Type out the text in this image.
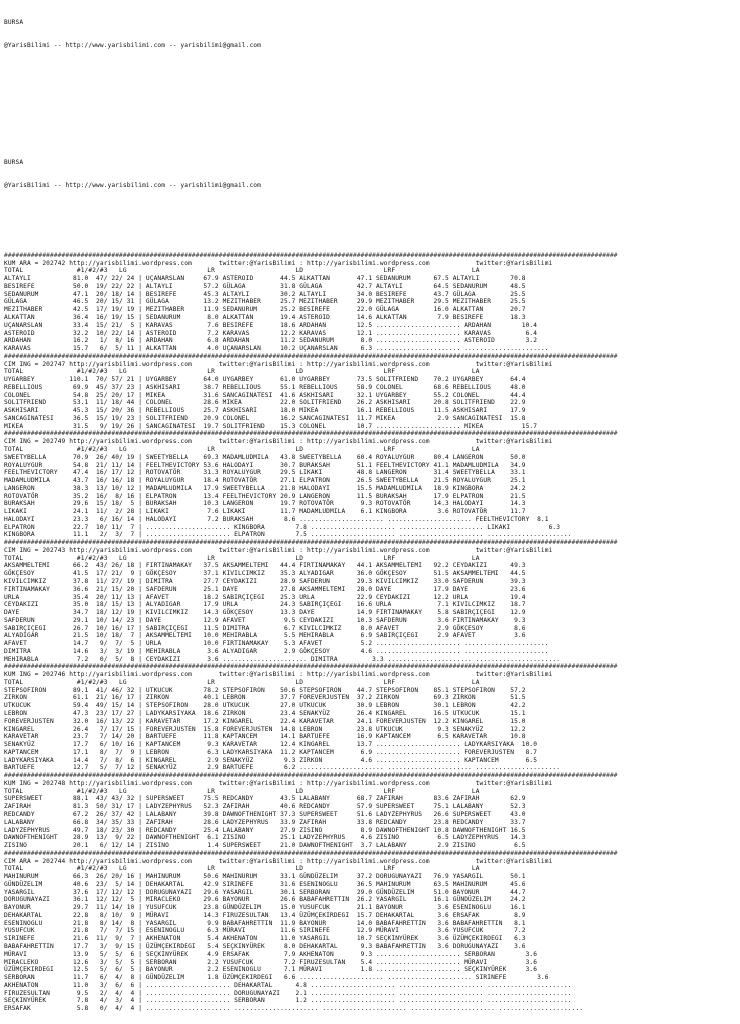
BURSA

@YarisBilimi -- http://www.yarisbilimi.com -- yarisbilimi@gmail.com

BURSA

@YarisBilimi -- http://www.yarisbilimi.com -- yarisbilimi@gmail.com

################################################################################################################################################################
KUM ARA = 202742 http://yarisbilimi.wordpress.com       twitter:@YarisBilimi : http://yarisbilimi.wordpress.com            twitter:@YarisBilimi
TOTAL              #1/#2/#3   LG                     LR                     LD                     LRF                    LA
ALTAYLI           81.0  47/ 22/ 24 | UÇANARSLAN     67.9 ASTEROID       44.5 ALKATTAN       47.1 SEDANURUM      67.5 ALTAYLI        70.8
BESIREFE          50.0  19/ 22/ 22 | ALTAYLI        57.2 GÜLAGA         31.8 GÜLAGA         42.7 ALTAYLI        64.5 SEDANURUM      48.5
SEDANURUM         47.1  20/ 18/ 14 | BESIREFE       45.3 ALTAYLI        30.2 ALTAYLI        34.0 BESIREFE       43.7 GÜLAGA         25.5
GÜLAGA            46.5  20/ 15/ 31 | GÜLAGA         13.2 MEZITHABER     25.7 MEZITHABER     29.9 MEZITHABER     29.5 MEZITHABER     25.5
MEZITHABER        42.5  17/ 19/ 19 | MEZITHABER     11.9 SEDANURUM      25.2 BESIREFE       22.0 GÜLAGA         16.0 ALKATTAN       20.7
ALKATTAN          36.4  16/ 19/ 15 | SEDANURUM       8.0 ALKATTAN       19.4 ASTEROID       14.6 ALKATTAN        7.9 BESIREFE       18.3
UÇANARSLAN        33.4  15/ 21/  5 | KARAVAS         7.6 BESIREFE       18.6 ARDAHAN        12.5 ...................... ARDAHAN        10.4
ASTEROID          32.2  10/ 22/ 14 | ASTEROID        7.2 KARAVAS        12.2 KARAVAS        12.1 ...................... KARAVAS         6.4
ARDAHAN           16.2   1/  8/ 16 | ARDAHAN         6.8 ARDAHAN        11.2 SEDANURUM       8.0 ...................... ASTEROID        3.2
KARAVAS           15.7   6/  5/ 11 | ALKATTAN        4.0 UÇANARSLAN     10.2 UÇANARSLAN      6.3 ...................... ......................
################################################################################################################################################################
CIM ING = 202747 http://yarisbilimi.wordpress.com       twitter:@YarisBilimi : http://yarisbilimi.wordpress.com            twitter:@YarisBilimi
TOTAL              #1/#2/#3   LG                     LR                     LD                     LRF                    LA
UYGARBEY         110.1  70/ 57/ 21 | UYGARBEY       64.0 UYGARBEY       61.0 UYGARBEY       73.5 SOLITFRIEND    70.2 UYGARBEY       64.4
REBELLIOUS        69.9  45/ 37/ 23 | ASKHISARI      38.7 REBELLIOUS     55.1 REBELLIOUS     58.9 COLONEL        68.6 REBELLIOUS     48.0
COLONEL           54.8  25/ 20/ 17 | MIKEA          31.6 SANCAGINATESI  41.6 ASKHISARI      32.1 UYGARBEY       55.2 COLONEL        44.4
SOLITFRIEND       53.1  11/ 18/ 44 | COLONEL        28.6 MIKEA          22.0 SOLITFRIEND    26.2 ASKHISARI      20.8 SOLITFRIEND    22.9
ASKHISARI         45.3  15/ 20/ 36 | REBELLIOUS     25.7 ASKHISARI      18.0 MIKEA          16.1 REBELLIOUS     11.5 ASKHISARI      17.9
SANCAGINATESI     36.5  15/ 19/ 23 | SOLITFRIEND    20.9 COLONEL        16.2 SANCAGINATESI  11.7 MIKEA           2.9 SANCAGINATESI  15.8
MIKEA             31.5   9/ 19/ 26 | SANCAGINATESI  19.7 SOLITFRIEND    15.3 COLONEL        10.7 ...................... MIKEA          15.7
################################################################################################################################################################
CIM ING = 202749 http://yarisbilimi.wordpress.com       twitter:@YarisBilimi : http://yarisbilimi.wordpress.com            twitter:@YarisBilimi
TOTAL              #1/#2/#3   LG                     LR                     LD                     LRF                    LA
SWEETYBELLA       70.9  26/ 40/ 19 | SWEETYBELLA    69.3 MADAMLUDMILA   43.8 SWEETYBELLA    60.4 ROYALUYGUR     80.4 LANGERON       50.0
ROYALUYGUR        54.8  21/ 11/ 14 | FEELTHEVICTORY 53.6 HALODAYI       30.7 BURAKSAH       51.1 FEELTHEVICTORY 41.1 MADAMLUDMILA   34.9
FEELTHEVICTORY    47.4  16/ 17/ 12 | ROTOVATÖR      31.3 ROYALUYGUR     29.5 LIKAKI         48.8 LANGERON       31.4 SWEETYBELLA    33.1
MADAMLUDMILA      43.7  16/ 16/ 18 | ROYALUYGUR     18.4 ROTOVATÖR      27.1 ELPATRON       26.5 SWEETYBELLA    21.5 ROYALUYGUR     25.1
LANGERON          38.3  13/ 10/ 12 | MADAMLUDMILA   17.9 SWEETYBELLA    21.8 HALODAYI       15.5 MADAMLUDMILA   18.9 KINGBORA       24.2
ROTOVATÖR         35.2  16/  8/ 16 | ELPATRON       13.4 FEELTHEVICTORY 20.9 LANGERON       11.5 BURAKSAH       17.9 ELPATRON       21.5
BURAKSAH          29.6  15/ 18/  5 | BURAKSAH       10.3 LANGERON       19.7 ROTOVATÖR       9.3 ROTOVATÖR      14.3 HALODAYI       14.3
LIKAKI            24.1  11/  2/ 28 | LIKAKI          7.6 LIKAKI         11.7 MADAMLUDMILA    6.1 KINGBORA        3.6 ROTOVATÖR      11.7
HALODAYI          23.3   6/ 16/ 14 | HALODAYI        7.2 BURAKSAH        8.6 ...................... ...................... FEELTHEVICTORY  8.1
ELPATRON          22.7  10/ 11/  7 | ...................... KINGBORA        7.8 ...................... ...................... LIKAKI          6.3
KINGBORA          11.1   2/  3/  7 | ...................... ELPATRON        7.5 ...................... ...................... ......................
################################################################################################################################################################
CIM ING = 202743 http://yarisbilimi.wordpress.com       twitter:@YarisBilimi : http://yarisbilimi.wordpress.com            twitter:@YarisBilimi
TOTAL              #1/#2/#3   LG                     LR                     LD                     LRF                    LA
AKSAMMELTEMI      66.2  43/ 26/ 18 | FIRTINAMAKAY   37.5 AKSAMMELTEMI   44.4 FIRTINAMAKAY   44.1 AKSAMMELTEMI   92.2 CEYDAKIZI      49.3
GÖKÇESOY          41.5  17/ 21/  9 | GÖKÇESOY       37.1 KIVILCIMKIZ    35.3 ALYADIGAR      36.0 GÖKÇESOY       51.5 AKSAMMELTEMI   44.5
KIVILCIMKIZ       37.8  11/ 27/ 19 | DIMITRA        27.7 CEYDAKIZI      28.9 SAFDERUN       29.3 KIVILCIMKIZ    33.0 SAFDERUN       39.3
FIRTINAMAKAY      36.6  21/ 15/ 20 | SAFDERUN       25.1 DAYE           27.8 AKSAMMELTEMI   28.0 DAYE           17.9 DAYE           23.6
URLA              35.4  20/ 11/ 13 | AFAVET         18.2 SABIRÇIÇEGI    25.3 URLA           22.9 CEYDAKIZI      12.2 URLA           19.4
CEYDAKIZI         35.0  18/ 15/ 13 | ALYADIGAR      17.9 URLA           24.3 SABIRÇIÇEGI    16.6 URLA            7.1 KIVILCIMKIZ    18.7
DAYE              34.7  18/ 12/ 19 | KIVILCIMKIZ    14.3 GÖKÇESOY       13.3 DAYE           14.9 FIRTINAMAKAY    5.8 SABIRÇIÇEGI    12.9
SAFDERUN          29.1  10/ 14/ 23 | DAYE           12.9 AFAVET          9.5 CEYDAKIZI      10.3 SAFDERUN        3.6 FIRTINAMAKAY    9.3
SABIRÇIÇEGI       26.7  10/ 16/ 17 | SABIRÇIÇEGI    11.5 DIMITRA         6.7 KIVILCIMKIZ     8.0 AFAVET          2.9 GÖKÇESOY        8.6
ALYADIGAR         21.5  10/ 18/  7 | AKSAMMELTEMI   10.0 MEHIRABLA       5.5 MEHIRABLA       6.9 SABIRÇIÇEGI     2.9 AFAVET          3.6
AFAVET            14.7   9/  7/  5 | URLA           10.0 FIRTINAMAKAY    5.3 AFAVET          5.2 ...................... ......................
DIMITRA           14.6   3/  3/ 19 | MEHIRABLA       3.6 ALYADIGAR       2.9 GÖKÇESOY        4.6 ...................... ......................
MEHIRABLA          7.2   0/  5/  8 | CEYDAKIZI       3.6 ...................... DIMITRA         3.3 ...................... ......................
################################################################################################################################################################
KUM ING = 202746 http://yarisbilimi.wordpress.com       twitter:@YarisBilimi : http://yarisbilimi.wordpress.com            twitter:@YarisBilimi
TOTAL              #1/#2/#3   LG                     LR                     LD                     LRF                    LA
STEPSOFIRON       89.1  41/ 46/ 32 | UTKUCUK        78.2 STEPSOFIRON    50.6 STEPSOFIRON    44.7 STEPSOFIRON    85.1 STEPSOFIRON    57.2
ZIRKON            61.1  21/ 16/ 17 | ZIRKON         40.1 LEBRON         37.7 FOREVERJUSTEN  37.2 ZIRKON         69.3 ZIRKON         51.5
UTKUCUK           59.4  49/ 15/ 14 | STEPSOFIRON    28.0 UTKUCUK        27.0 UTKUCUK        30.9 LEBRON         30.1 LEBRON         42.2
LEBRON            47.3  23/ 17/ 27 | LADYKARSIYAKA  18.6 ZIRKON         23.4 SENAKYÜZ       26.4 KINGAREL       16.5 UTKUCUK        15.1
FOREVERJUSTEN     32.0  16/ 13/ 22 | KARAVETAR      17.2 KINGAREL       22.4 KARAVETAR      24.1 FOREVERJUSTEN  12.2 KINGAREL       15.0
KINGAREL          26.4   7/ 17/ 15 | FOREVERJUSTEN  15.8 FOREVERJUSTEN  14.8 LEBRON         23.8 UTKUCUK         9.3 SENAKYÜZ       12.2
KARAVETAR         23.7   7/ 14/ 20 | BARTUEFE       11.8 KAPTANCEM      14.1 BARTUEFE       16.9 KAPTANCEM       6.5 KARAVETAR      10.8
SENAKYÜZ          17.7   6/ 10/ 16 | KAPTANCEM       9.3 KARAVETAR      12.4 KINGAREL       13.7 ...................... LADYKARSIYAKA  10.0
KAPTANCEM         17.1   8/  7/  9 | LEBRON          6.3 LADYKARSIYAKA  11.2 KAPTANCEM       6.9 ...................... FOREVERJUSTEN   8.7
LADYKARSIYAKA     14.4   7/  8/  6 | KINGAREL        2.9 SENAKYÜZ        9.3 ZIRKON          4.6 ...................... KAPTANCEM       6.5
BARTUEFE          12.7   5/  7/ 12 | SENAKYÜZ        2.9 BARTUEFE        6.2 ...................... ...................... ......................
################################################################################################################################################################
KUM ING = 202748 http://yarisbilimi.wordpress.com       twitter:@YarisBilimi : http://yarisbilimi.wordpress.com            twitter:@YarisBilimi
TOTAL              #1/#2/#3   LG                     LR                     LD                     LRF                    LA
SUPERSWEET        88.1  43/ 43/ 32 | SUPERSWEET     75.5 REDCANDY       43.5 LALABANY       68.7 ZAFIRAH        83.6 ZAFIRAH        62.9
ZAFIRAH           81.3  50/ 31/ 17 | LADYZEPHYRUS   52.3 ZAFIRAH        40.6 REDCANDY       57.9 SUPERSWEET     75.1 LALABANY       52.3
REDCANDY          67.2  26/ 37/ 42 | LALABANY       39.8 DAWNOFTHENIGHT 37.3 SUPERSWEET     51.6 LADYZEPHYRUS   26.6 SUPERSWEET     43.0
LALABANY          66.8  34/ 35/ 33 | ZAFIRAH        28.6 LADYZEPHYRUS   33.9 ZAFIRAH        33.8 REDCANDY       23.8 REDCANDY       33.7
LADYZEPHYRUS      49.7  18/ 23/ 30 | REDCANDY       25.4 LALABANY       27.9 ZISINO          8.9 DAWNOFTHENIGHT 10.8 DAWNOFTHENIGHT 16.5
DAWNOFTHENIGHT    28.9  13/  9/ 22 | DAWNOFTHENIGHT  6.1 ZISINO         25.1 LADYZEPHYRUS    4.6 ZISINO          6.5 LADYZEPHYRUS   14.3
ZISINO            20.1   6/ 12/ 14 | ZISINO          1.4 SUPERSWEET     21.0 DAWNOFTHENIGHT  3.7 LALABANY        2.9 ZISINO          6.5
################################################################################################################################################################
CIM ARA = 202744 http://yarisbilimi.wordpress.com       twitter:@YarisBilimi : http://yarisbilimi.wordpress.com            twitter:@YarisBilimi
TOTAL              #1/#2/#3   LG                     LR                     LD                     LRF                    LA
MAHINURUM         66.3  26/ 20/ 16 | MAHINURUM      50.6 MAHINURUM      33.1 GÜNDÜZELIM     37.2 DORUGUNAYAZI   76.9 YASARGIL       50.1
GÜNDÜZELIM        40.6  23/  5/ 14 | DEHAKARTAL     42.9 SIRINEFE       31.6 ESENINOGLU     36.5 MAHINURUM      63.5 MAHINURUM      45.6
YASARGIL          37.6  17/ 12/ 12 | DORUGUNAYAZI   29.6 YASARGIL       30.1 SERBORAN       29.0 GÜNDÜZELIM     51.0 BAYONUR        44.7
DORUGUNAYAZI      36.1  12/ 12/  5 | MIRACLEKO      29.6 BAYONUR        26.6 BABAFAHRETTIN  26.2 YASARGIL       16.1 GÜNDÜZELIM     24.2
BAYONUR           29.7  11/ 14/ 10 | YUSUFCUK       23.8 GÜNDÜZELIM     15.0 YUSUFCUK       21.1 BAYONUR         3.6 ESENINOGLU     16.1
DEHAKARTAL        22.8   8/ 10/  9 | MÜRAVI         14.3 FIRUZESULTAN   13.4 ÜZÜMÇEKIRDEGI  15.7 DEHAKARTAL      3.6 ERSAFAK         8.9
ESENINOGLU        21.8   8/ 14/  8 | YASARGIL        9.9 BABAFAHRETTIN  11.9 BAYONUR        14.0 BABAFAHRETTIN   3.6 BABAFAHRETTIN   8.1
YUSUFCUK          21.8   7/  7/ 15 | ESENINOGLU      6.3 MÜRAVI         11.6 SIRINEFE       12.9 MÜRAVI          3.6 YUSUFCUK        7.2
SIRINEFE          21.6  11/  9/  7 | AKHENATON       5.4 AKHENATON      11.0 YASARGIL       10.7 SEÇKINYÜREK     3.6 ÜZÜMÇEKIRDEGI   6.3
BABAFAHRETTIN     17.7   3/  9/ 15 | ÜZÜMÇEKIRDEGI   5.4 SEÇKINYÜREK     8.0 DEHAKARTAL      9.3 BABAFAHRETTIN   3.6 DORUGUNAYAZI    3.6
MÜRAVI            13.9   5/  5/  6 | SEÇKINYÜREK     4.9 ERSAFAK         7.9 AKHENATON       9.3 ...................... SERBORAN        3.6
MIRACLEKO         12.6   3/  5/  5 | SERBORAN        2.2 YUSUFCUK        7.2 FIRUZESULTAN    5.4 ...................... MÜRAVI          3.6
ÜZÜMÇEKIRDEGI     12.5   5/  6/  5 | BAYONUR         2.2 ESENINOGLU      7.1 MÜRAVI          1.8 ...................... SEÇKINYÜREK     3.6
SERBORAN          11.7   6/  4/  8 | GÜNDÜZELIM      1.8 ÜZÜMÇEKIRDEGI   6.6 ...................... ...................... SIRINEFE        3.6
AKHENATON         11.0   3/  6/  6 | ...................... DEHAKARTAL      4.8 ...................... ...................... ......................
FIRUZESULTAN       9.5   2/  4/  4 | ...................... DORUGUNAYAZI    2.1 ...................... ...................... ......................
SEÇKINYÜREK        7.8   4/  3/  4 | ...................... SERBORAN        1.2 ...................... ...................... ......................
ERSAFAK            5.8   0/  4/  4 | ...................... ...................... ...................... ...................... ......................
